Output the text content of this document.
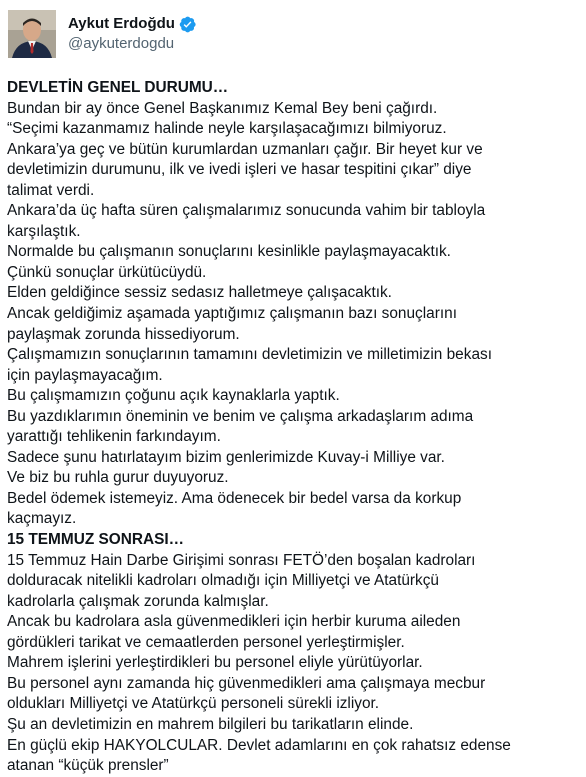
Aykut Erdoğdu
@aykuterdogdu

DEVLETİN GENEL DURUMU…

Bundan bir ay önce Genel Başkanımız Kemal Bey beni çağırdı.

“Seçimi kazanmamız halinde neyle karşılaşacağımızı bilmiyoruz.

Ankara’ya geç ve bütün kurumlardan uzmanları çağır. Bir heyet kur ve

devletimizin durumunu, ilk ve ivedi işleri ve hasar tespitini çıkar” diye

talimat verdi.

Ankara’da üç hafta süren çalışmalarımız sonucunda vahim bir tabloyla

karşılaştık.

Normalde bu çalışmanın sonuçlarını kesinlikle paylaşmayacaktık.

Çünkü sonuçlar ürkütücüydü.

Elden geldiğince sessiz sedasız halletmeye çalışacaktık.

Ancak geldiğimiz aşamada yaptığımız çalışmanın bazı sonuçlarını

paylaşmak zorunda hissediyorum.

Çalışmamızın sonuçlarının tamamını devletimizin ve milletimizin bekası

için paylaşmayacağım.

Bu çalışmamızın çoğunu açık kaynaklarla yaptık.

Bu yazdıklarımın öneminin ve benim ve çalışma arkadaşlarım adıma

yarattığı tehlikenin farkındayım.

Sadece şunu hatırlatayım bizim genlerimizde Kuvay-i Milliye var.

Ve biz bu ruhla gurur duyuyoruz.

Bedel ödemek istemeyiz. Ama ödenecek bir bedel varsa da korkup

kaçmayız.

15 TEMMUZ SONRASI…

15 Temmuz Hain Darbe Girişimi sonrası FETÖ’den boşalan kadroları

dolduracak nitelikli kadroları olmadığı için Milliyetçi ve Atatürkçü

kadrolarla çalışmak zorunda kalmışlar.

Ancak bu kadrolara asla güvenmedikleri için herbir kuruma aileden

gördükleri tarikat ve cemaatlerden personel yerleştirmişler.

Mahrem işlerini yerleştirdikleri bu personel eliyle yürütüyorlar.

Bu personel aynı zamanda hiç güvenmedikleri ama çalışmaya mecbur

oldukları Milliyetçi ve Atatürkçü personeli sürekli izliyor.

Şu an devletimizin en mahrem bilgileri bu tarikatların elinde.

En güçlü ekip HAKYOLCULAR. Devlet adamlarını en çok rahatsız edense

atanan “küçük prensler”
